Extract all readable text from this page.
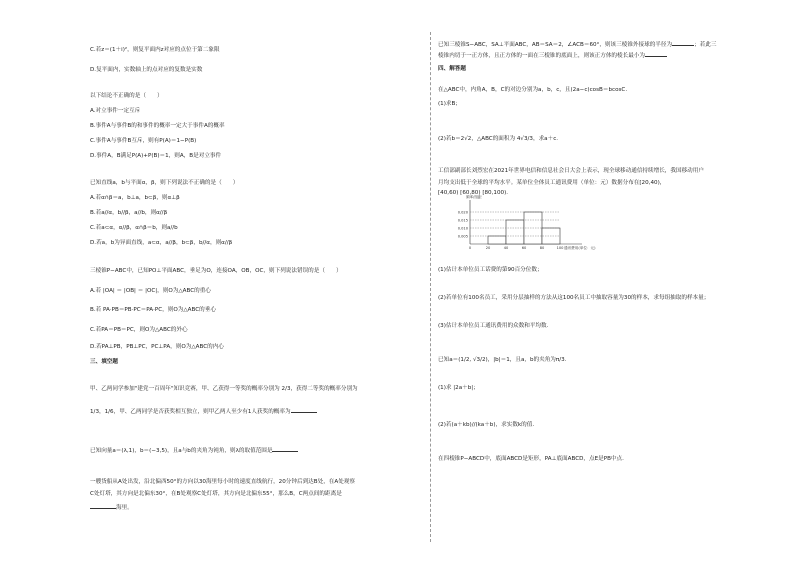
C.若z＝(1＋i)²，则复平面内z对应的点位于第二象限
D.复平面内，实数轴上的点对应的复数是实数
以下结论不正确的是（　　）
A.对立事件一定互斥
B.事件A与事件B的和事件的概率一定大于事件A的概率
C.事件A与事件B互斥，则有P(A)＝1−P(B)
D.事件A，B满足P(A)+P(B)＝1，则A，B是对立事件
已知直线a，b与平面α，β，则下列说法不正确的是（　　）
A.若α∩β＝a，b⊥a，b⊂β，则α⊥β
B.若a//α，b//β，a//b，则α//β
C.若a⊂α，α//β，α∩β＝b，则a//b
D.若a，b为异面直线，a⊂α，a//β，b⊂β，b//α，则α//β
三棱锥P−ABC中，已知PO⊥平面ABC，垂足为O，连接OA，OB，OC，则下列说法错误的是（　　）
A.若 |OA| ＝ |OB| ＝ |OC|，则O为△ABC的重心
B.若 PA·PB＝PB·PC＝PA·PC，则O为△ABC的垂心
C.若PA＝PB＝PC，则O为△ABC的外心
D.若PA⊥PB，PB⊥PC，PC⊥PA，则O为△ABC的内心
三、填空题
甲、乙两同学参加"建党一百周年"知识竞赛，甲、乙获得一等奖的概率分别为 2/3，获得二等奖的概率分别为
1/3，1/6，甲、乙两同学是否获奖相互独立，则甲乙两人至少有1人获奖的概率为
已知向量a＝(λ,1)，b＝(−3,5)，且a与b的夹角为钝角，则λ的取值范围是
一艘货船从A处出发，沿北偏西50°的方向以30海里每小时的速度直线航行，20分钟后到达B处，在A处观察
C处灯塔，其方向是北偏东30°，在B处观察C处灯塔，其方向是北偏东55°，那么B，C两点间的距离是
海里。
已知三棱锥S−ABC，SA⊥平面ABC，AB＝SA＝2，∠ACB＝60°，则该三棱锥外接球的半径为	；若此三
棱锥内切于一正方体，且正方体的一面在三棱锥的底面上，则该正方体的棱长最小为
四、解答题
在△ABC中，内角A，B，C的对边分别为a，b，c，且(2a−c)cosB＝bcosC.
(1)求B；
(2)若b＝2√2，△ABC的面积为 4√3/3，求a＋c.
工信部副部长刘烈宏在2021年世界电信和信息社会日大会上表示，现全球移动通信持续增长，我国移动用户
月均支出低于全球的平均水平。某单位全体员工通讯费用（单位：元）数据分布在[20,40)，
[40,60) [60,80) [80,100).
0.005
0.010
0.015
0.020
0	20	40	60	80	100
频率/组距
通讯费用(单位：元)
(1)估计本单位员工话费的第90百分位数；
(2)若单位有100名员工，采用分层抽样的方法从这100名员工中抽取容量为30的样本，求每组抽取的样本量；
(3)估计本单位员工通讯费用的众数和平均数.
已知a＝(1/2, √3/2)，|b|＝1，且a，b的夹角为π/3.
(1)求 |2a＋b|；
(2)若(a＋kb)//(ka＋b)，求实数k的值.
在四棱锥P−ABCD中，底面ABCD是矩形，PA⊥底面ABCD，点E是PB中点.
